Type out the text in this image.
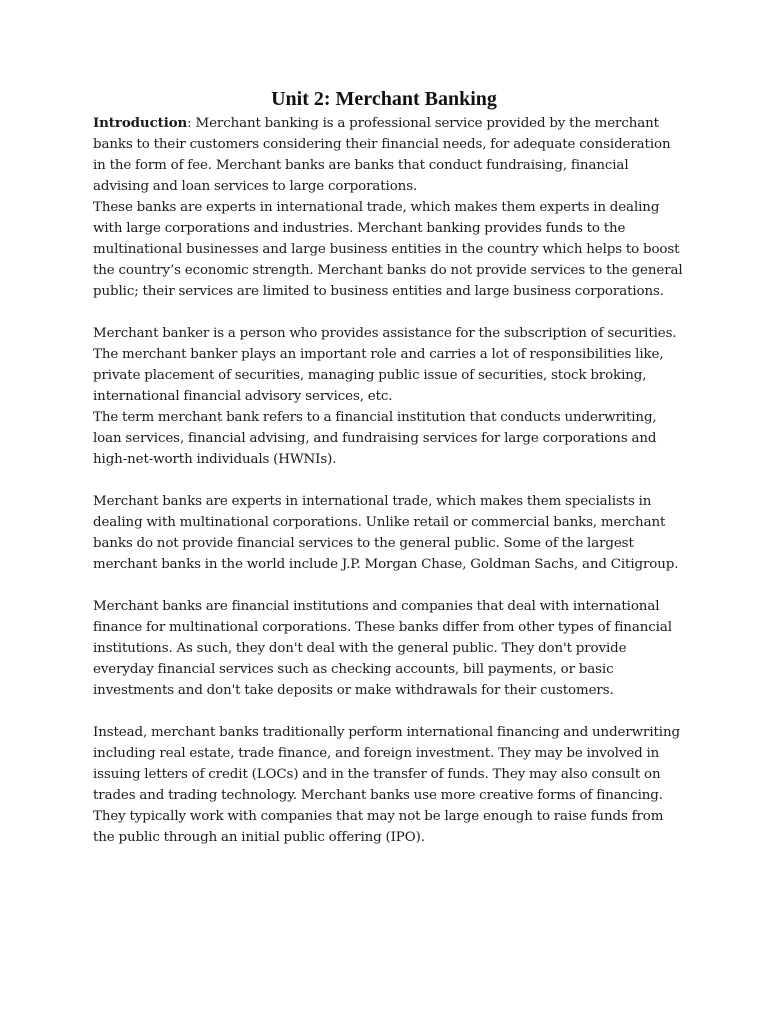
Unit 2: Merchant Banking

Introduction: Merchant banking is a professional service provided by the merchant banks to their customers considering their financial needs, for adequate consideration in the form of fee. Merchant banks are banks that conduct fundraising, financial advising and loan services to large corporations.

These banks are experts in international trade, which makes them experts in dealing with large corporations and industries. Merchant banking provides funds to the multinational businesses and large business entities in the country which helps to boost the country’s economic strength. Merchant banks do not provide services to the general public; their services are limited to business entities and large business corporations.

Merchant banker is a person who provides assistance for the subscription of securities. The merchant banker plays an important role and carries a lot of responsibilities like, private placement of securities, managing public issue of securities, stock broking, international financial advisory services, etc.

The term merchant bank refers to a financial institution that conducts underwriting, loan services, financial advising, and fundraising services for large corporations and high-net-worth individuals (HWNIs).

Merchant banks are experts in international trade, which makes them specialists in dealing with multinational corporations. Unlike retail or commercial banks, merchant banks do not provide financial services to the general public. Some of the largest merchant banks in the world include J.P. Morgan Chase, Goldman Sachs, and Citigroup.

Merchant banks are financial institutions and companies that deal with international finance for multinational corporations. These banks differ from other types of financial institutions. As such, they don't deal with the general public. They don't provide everyday financial services such as checking accounts, bill payments, or basic investments and don't take deposits or make withdrawals for their customers.

Instead, merchant banks traditionally perform international financing and underwriting including real estate, trade finance, and foreign investment. They may be involved in issuing letters of credit (LOCs) and in the transfer of funds. They may also consult on trades and trading technology. Merchant banks use more creative forms of financing. They typically work with companies that may not be large enough to raise funds from the public through an initial public offering (IPO).
